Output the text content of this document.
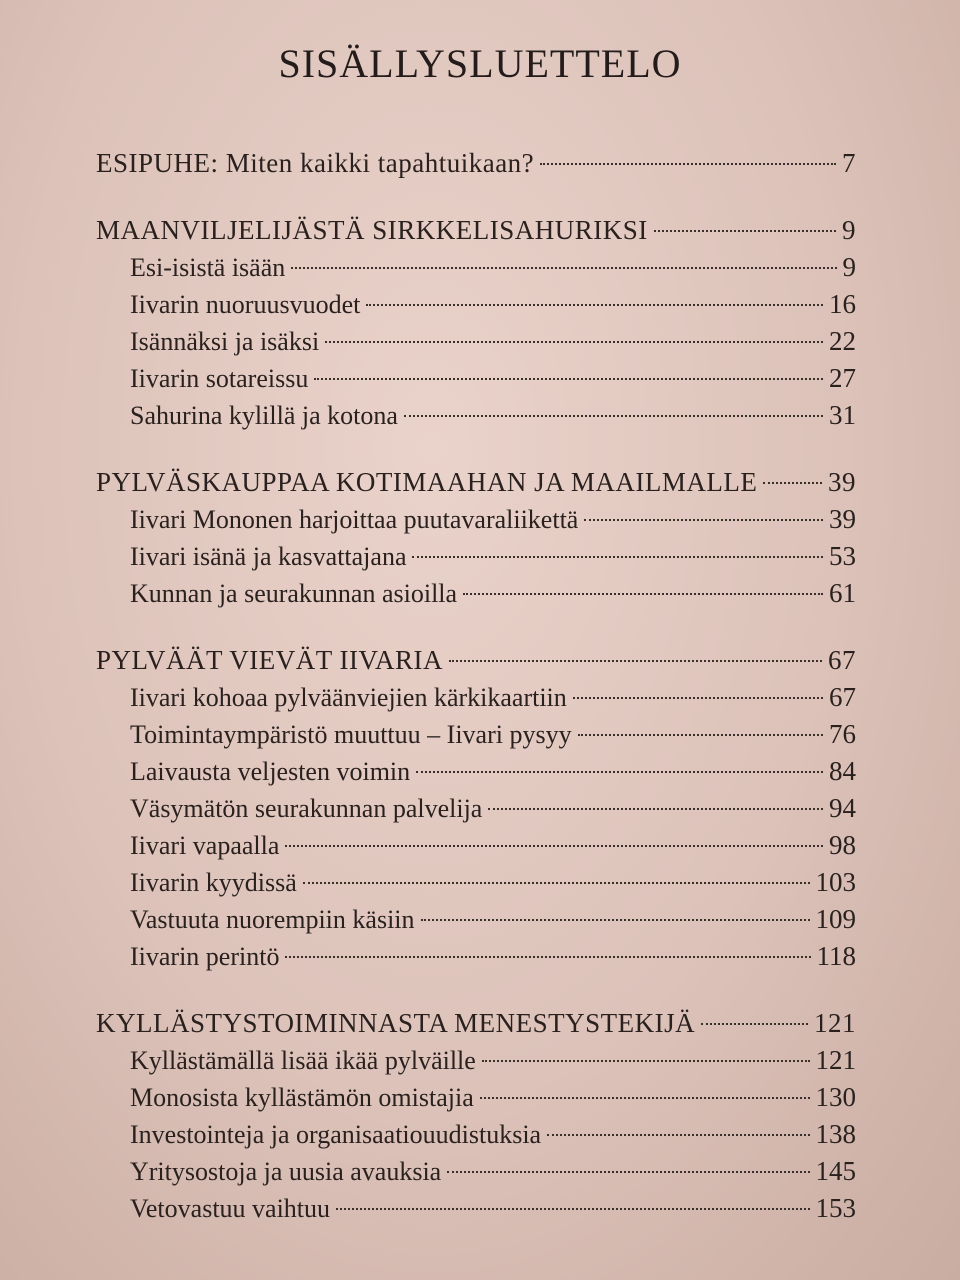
SISÄLLYSLUETTELO
ESIPUHE: Miten kaikki tapahtuikaan?	7
MAANVILJELIJÄSTÄ SIRKKELISAHURIKSI	9
Esi-isistä isään	9
Iivarin nuoruusvuodet	16
Isännäksi ja isäksi	22
Iivarin sotareissu	27
Sahurina kylillä ja kotona	31
PYLVÄSKAUPPAA KOTIMAAHAN JA MAAILMALLE	39
Iivari Mononen harjoittaa puutavaraliikettä	39
Iivari isänä ja kasvattajana	53
Kunnan ja seurakunnan asioilla	61
PYLVÄÄT VIEVÄT IIVARIA	67
Iivari kohoaa pylväänviejien kärkikaartiin	67
Toimintaympäristö muuttuu – Iivari pysyy	76
Laivausta veljesten voimin	84
Väsymätön seurakunnan palvelija	94
Iivari vapaalla	98
Iivarin kyydissä	103
Vastuuta nuorempiin käsiin	109
Iivarin perintö	118
KYLLÄSTYSTOIMINNASTA MENESTYSTEKIJÄ	121
Kyllästämällä lisää ikää pylväille	121
Monosista kyllästämön omistajia	130
Investointeja ja organisaatiouudistuksia	138
Yritysostoja ja uusia avauksia	145
Vetovastuu vaihtuu	153
